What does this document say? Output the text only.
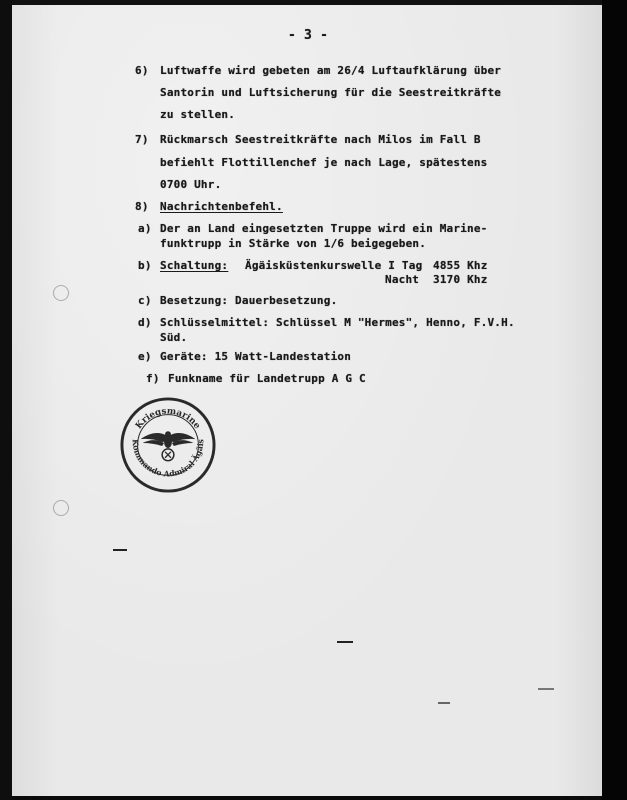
- 3 -
6) Luftwaffe wird gebeten am 26/4 Luftaufklärung über
Santorin und Luftsicherung für die Seestreitkräfte
zu stellen.
7) Rückmarsch Seestreitkräfte nach Milos im Fall B
befiehlt Flottillenchef je nach Lage, spätestens
0700 Uhr.
8) Nachrichtenbefehl.
a) Der an Land eingesetzten Truppe wird ein Marine-
funktrupp in Stärke von 1/6 beigegeben.
b) Schaltung: Ägäisküstenkurswelle I Tag 4855 Khz
Nacht 3170 Khz
c) Besetzung: Dauerbesetzung.
d) Schlüsselmittel: Schlüssel M "Hermes", Henno, F.V.H.
Süd.
e) Geräte: 15 Watt-Landestation
f) Funkname für Landetrupp A G C
Kriegsmarine
Kommando Admiral Ägäis
